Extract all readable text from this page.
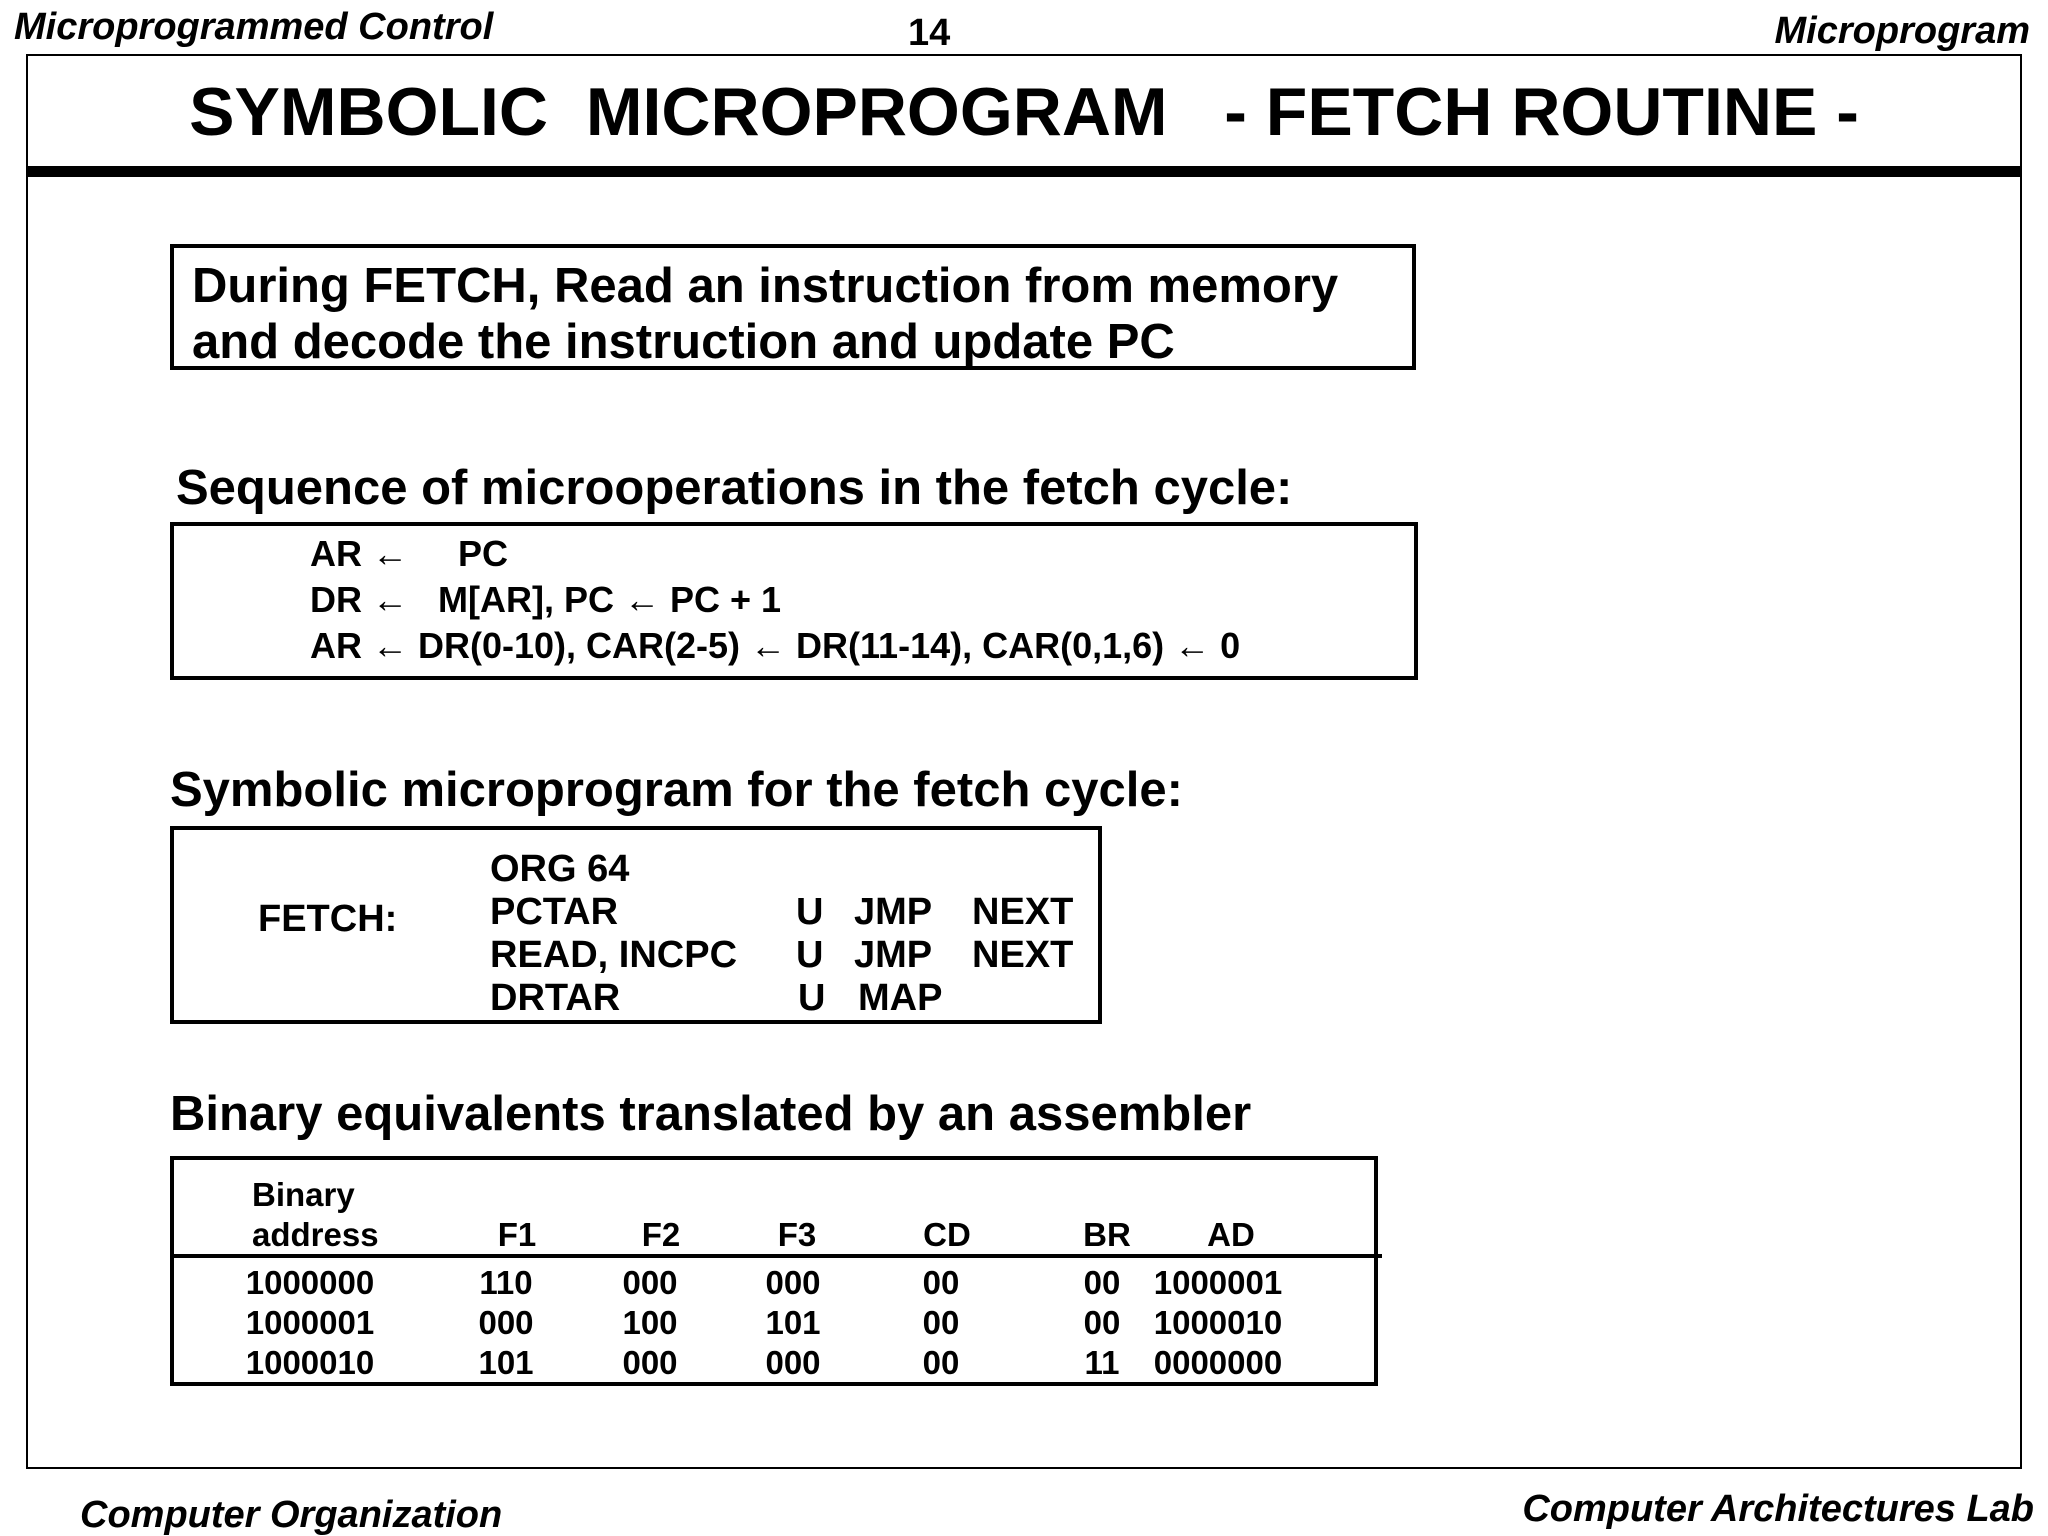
Microprogrammed Control	14	Microprogram
SYMBOLIC  MICROPROGRAM   - FETCH ROUTINE -
During FETCH, Read an instruction from memory
and decode the instruction and update PC
Sequence of microoperations in the fetch cycle:
AR ←     PC
DR ←   M[AR], PC ← PC + 1
AR ← DR(0-10), CAR(2-5) ← DR(11-14), CAR(0,1,6) ← 0
Symbolic microprogram for the fetch cycle:
FETCH:
ORG 64
PCTAR	U JMP NEXT
READ, INCPC U JMP NEXT
DRTAR	U MAP
Binary equivalents translated by an assembler
Binary
address	F1	F2	F3	CD	BR	AD
1000000	110	000	000	00	00	1000001
1000001	000	100	101	00	00	1000010
1000010	101	000	000	00	11	0000000
Computer Organization	Computer Architectures Lab
